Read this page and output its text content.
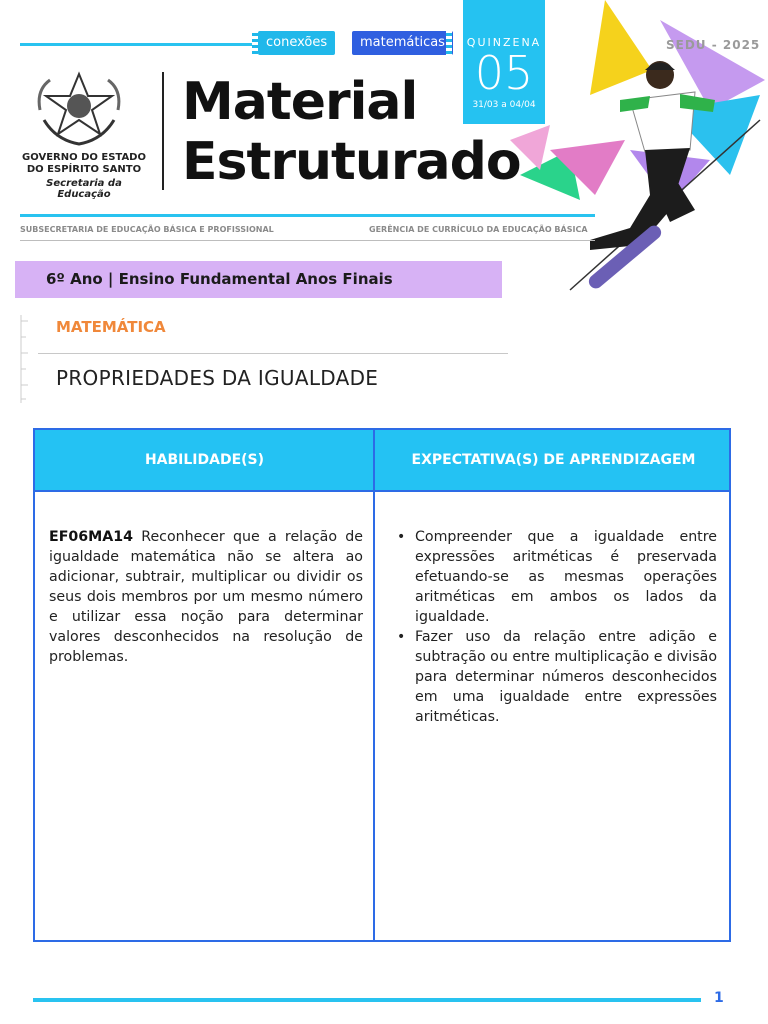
conexões	matemáticas	QUINZENA
05
31/03 a 04/04
SEDU - 2025
GOVERNO DO ESTADO
DO ESPÍRITO SANTO
Secretaria da Educação
Material
Estruturado
SUBSECRETARIA DE EDUCAÇÃO BÁSICA E PROFISSIONAL	GERÊNCIA DE CURRÍCULO DA EDUCAÇÃO BÁSICA
6º Ano | Ensino Fundamental Anos Finais
MATEMÁTICA
PROPRIEDADES DA IGUALDADE
HABILIDADE(S)	EXPECTATIVA(S) DE APRENDIZAGEM
EF06MA14 Reconhecer que a relação de igualdade matemática não se altera ao adicionar, subtrair, multiplicar ou dividir os seus dois membros por um mesmo número e utilizar essa noção para determinar valores desconhecidos na resolução de problemas.
• Compreender que a igualdade entre expressões aritméticas é preservada efetuando-se as mesmas operações aritméticas em ambos os lados da igualdade.
• Fazer uso da relação entre adição e subtração ou entre multiplicação e divisão para determinar números desconhecidos em uma igualdade entre expressões aritméticas.
1
